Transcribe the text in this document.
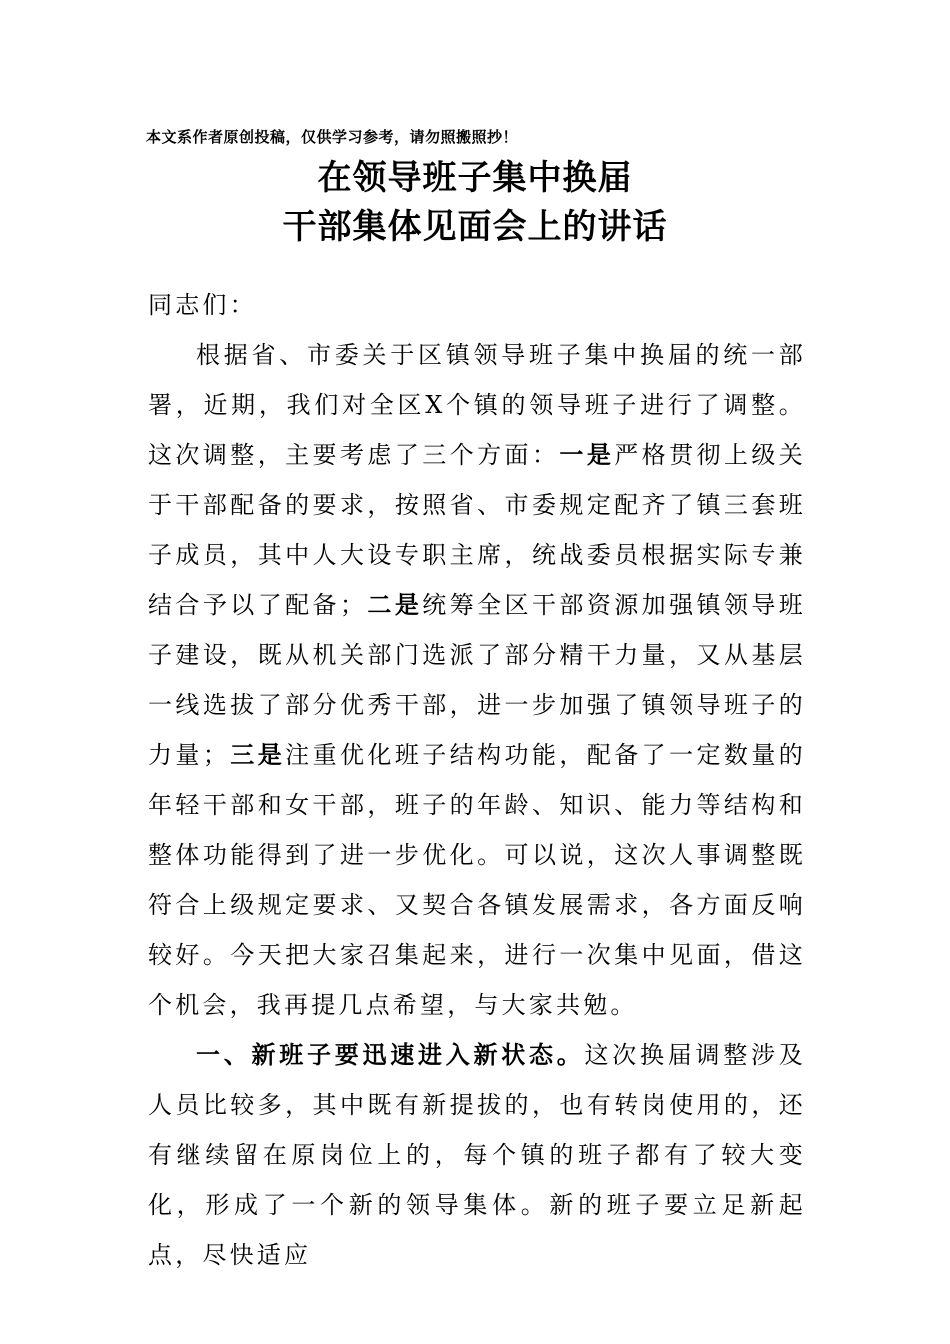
本文系作者原创投稿，仅供学习参考，请勿照搬照抄！
在领导班子集中换届
干部集体见面会上的讲话

同志们：

根据省、市委关于区镇领导班子集中换届的统一部署，近期，我们对全区X个镇的领导班子进行了调整。这次调整，主要考虑了三个方面：一是严格贯彻上级关于干部配备的要求，按照省、市委规定配齐了镇三套班子成员，其中人大设专职主席，统战委员根据实际专兼结合予以了配备；二是统筹全区干部资源加强镇领导班子建设，既从机关部门选派了部分精干力量，又从基层一线选拔了部分优秀干部，进一步加强了镇领导班子的力量；三是注重优化班子结构功能，配备了一定数量的年轻干部和女干部，班子的年龄、知识、能力等结构和整体功能得到了进一步优化。可以说，这次人事调整既符合上级规定要求、又契合各镇发展需求，各方面反响较好。今天把大家召集起来，进行一次集中见面，借这个机会，我再提几点希望，与大家共勉。

一、新班子要迅速进入新状态。这次换届调整涉及人员比较多，其中既有新提拔的，也有转岗使用的，还有继续留在原岗位上的，每个镇的班子都有了较大变化，形成了一个新的领导集体。新的班子要立足新起点，尽快适应
